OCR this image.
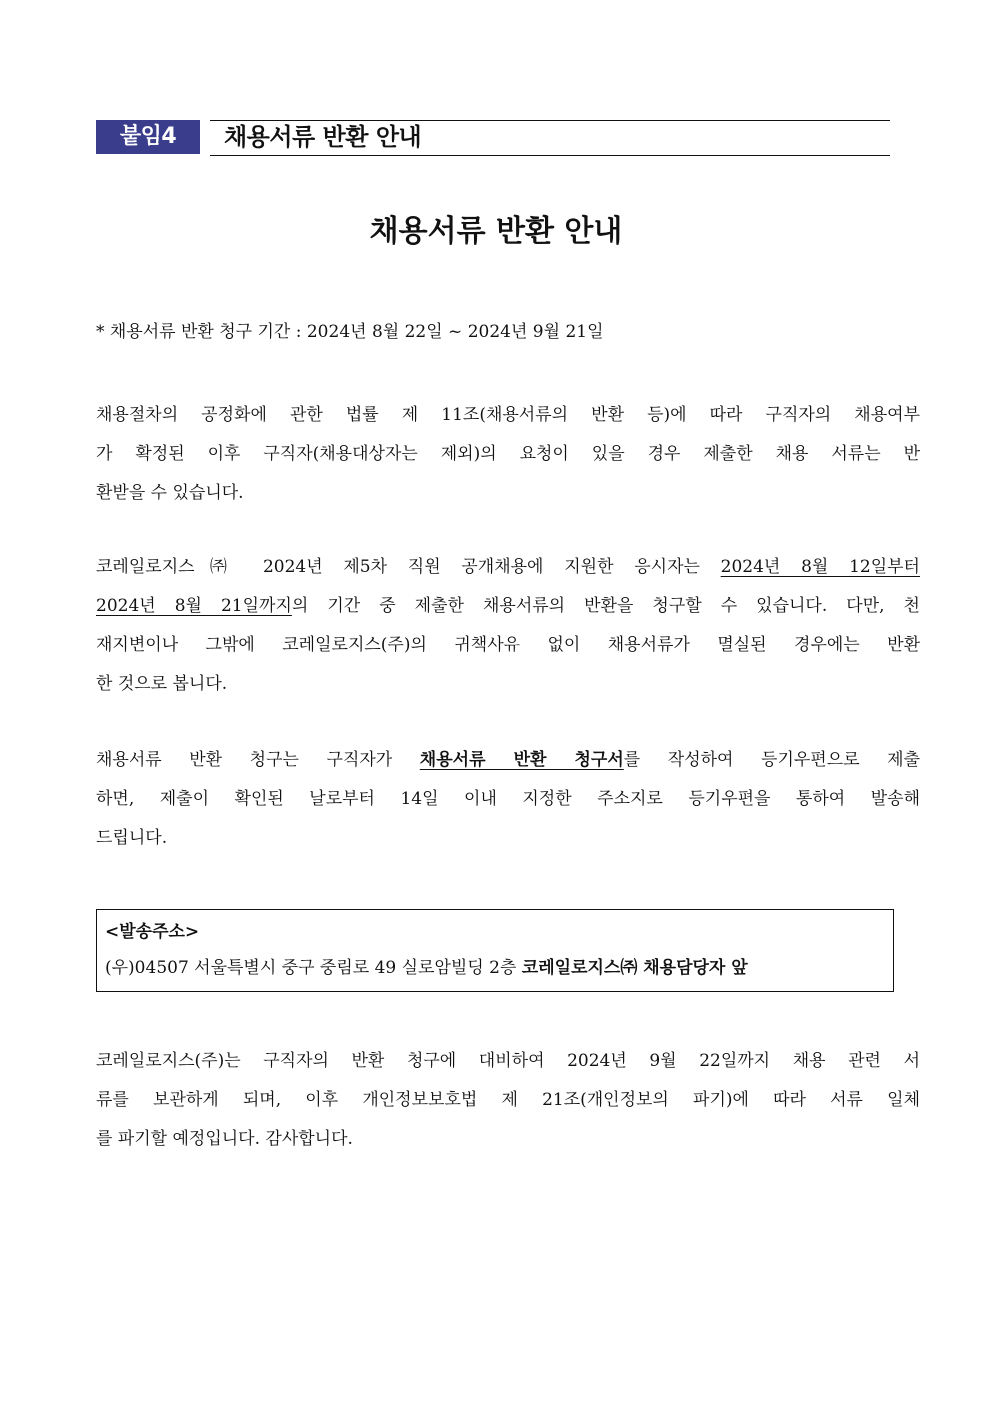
붙임4	채용서류 반환 안내
채용서류 반환 안내
* 채용서류 반환 청구 기간 : 2024년 8월 22일 ~ 2024년 9월 21일
채용절차의 공정화에 관한 법률 제 11조(채용서류의 반환 등)에 따라 구직자의 채용여부
가 확정된 이후 구직자(채용대상자는 제외)의 요청이 있을 경우 제출한 채용 서류는 반
환받을 수 있습니다.
코레일로지스㈜ 2024년 제5차 직원 공개채용에 지원한 응시자는 2024년 8월 12일부터
2024년 8월 21일까지의 기간 중 제출한 채용서류의 반환을 청구할 수 있습니다. 다만, 천
재지변이나 그밖에 코레일로지스(주)의 귀책사유 없이 채용서류가 멸실된 경우에는 반환
한 것으로 봅니다.
채용서류 반환 청구는 구직자가 채용서류 반환 청구서를 작성하여 등기우편으로 제출
하면, 제출이 확인된 날로부터 14일 이내 지정한 주소지로 등기우편을 통하여 발송해
드립니다.
<발송주소>
(우)04507 서울특별시 중구 중림로 49 실로암빌딩 2층 코레일로지스㈜ 채용담당자 앞
코레일로지스(주)는 구직자의 반환 청구에 대비하여 2024년 9월 22일까지 채용 관련 서
류를 보관하게 되며, 이후 개인정보보호법 제 21조(개인정보의 파기)에 따라 서류 일체
를 파기할 예정입니다. 감사합니다.
